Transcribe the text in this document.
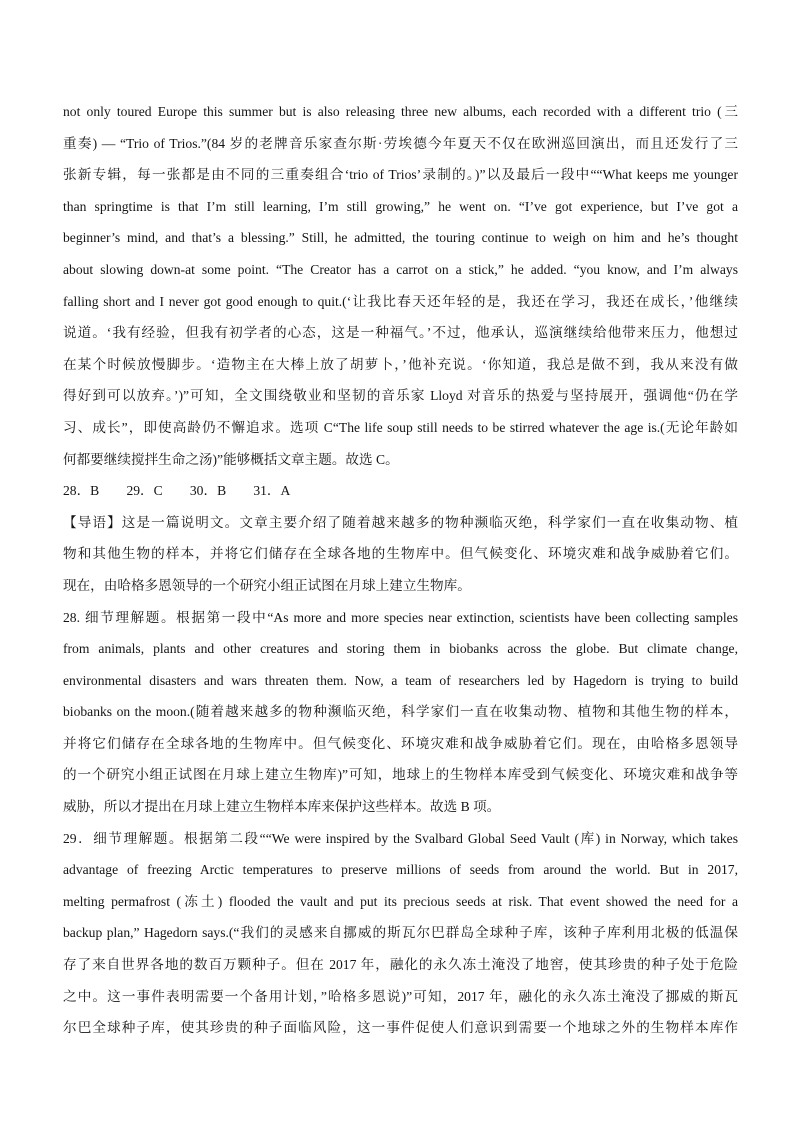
not only toured Europe this summer but is also releasing three new albums, each recorded with a different trio (三
重奏) — “Trio of Trios.”(84 岁的老牌音乐家查尔斯·劳埃德今年夏天不仅在欧洲巡回演出，而且还发行了三
张新专辑，每一张都是由不同的三重奏组合‘trio of Trios’录制的。)”以及最后一段中““What keeps me younger
than springtime is that I’m still learning, I’m still growing,” he went on. “I’ve got experience, but I’ve got a
beginner’s mind, and that’s a blessing.” Still, he admitted, the touring continue to weigh on him and he’s thought
about slowing down-at some point. “The Creator has a carrot on a stick,” he added. “you know, and I’m always
falling short and I never got good enough to quit.(‘让我比春天还年轻的是，我还在学习，我还在成长，’他继续
说道。‘我有经验，但我有初学者的心态，这是一种福气。’不过，他承认，巡演继续给他带来压力，他想过
在某个时候放慢脚步。‘造物主在大棒上放了胡萝卜，’他补充说。‘你知道，我总是做不到，我从来没有做
得好到可以放弃。’)”可知，全文围绕敬业和坚韧的音乐家 Lloyd 对音乐的热爱与坚持展开，强调他“仍在学
习、成长”，即使高龄仍不懈追求。选项 C“The life soup still needs to be stirred whatever the age is.(无论年龄如
何都要继续搅拌生命之汤)”能够概括文章主题。故选 C。
28．B　　29．C　　30．B　　31．A
【导语】这是一篇说明文。文章主要介绍了随着越来越多的物种濒临灭绝，科学家们一直在收集动物、植
物和其他生物的样本，并将它们储存在全球各地的生物库中。但气候变化、环境灾难和战争威胁着它们。
现在，由哈格多恩领导的一个研究小组正试图在月球上建立生物库。
28. 细节理解题。根据第一段中“As more and more species near extinction, scientists have been collecting samples
from animals, plants and other creatures and storing them in biobanks across the globe. But climate change,
environmental disasters and wars threaten them. Now, a team of researchers led by Hagedorn is trying to build
biobanks on the moon.(随着越来越多的物种濒临灭绝，科学家们一直在收集动物、植物和其他生物的样本，
并将它们储存在全球各地的生物库中。但气候变化、环境灾难和战争威胁着它们。现在，由哈格多恩领导
的一个研究小组正试图在月球上建立生物库)”可知，地球上的生物样本库受到气候变化、环境灾难和战争等
威胁，所以才提出在月球上建立生物样本库来保护这些样本。故选 B 项。
29．细节理解题。根据第二段““We were inspired by the Svalbard Global Seed Vault (库) in Norway, which takes
advantage of freezing Arctic temperatures to preserve millions of seeds from around the world. But in 2017,
melting permafrost (冻土) flooded the vault and put its precious seeds at risk. That event showed the need for a
backup plan,” Hagedorn says.(“我们的灵感来自挪威的斯瓦尔巴群岛全球种子库，该种子库利用北极的低温保
存了来自世界各地的数百万颗种子。但在 2017 年，融化的永久冻土淹没了地窖，使其珍贵的种子处于危险
之中。这一事件表明需要一个备用计划，”哈格多恩说)”可知，2017 年，融化的永久冻土淹没了挪威的斯瓦
尔巴全球种子库，使其珍贵的种子面临风险，这一事件促使人们意识到需要一个地球之外的生物样本库作
